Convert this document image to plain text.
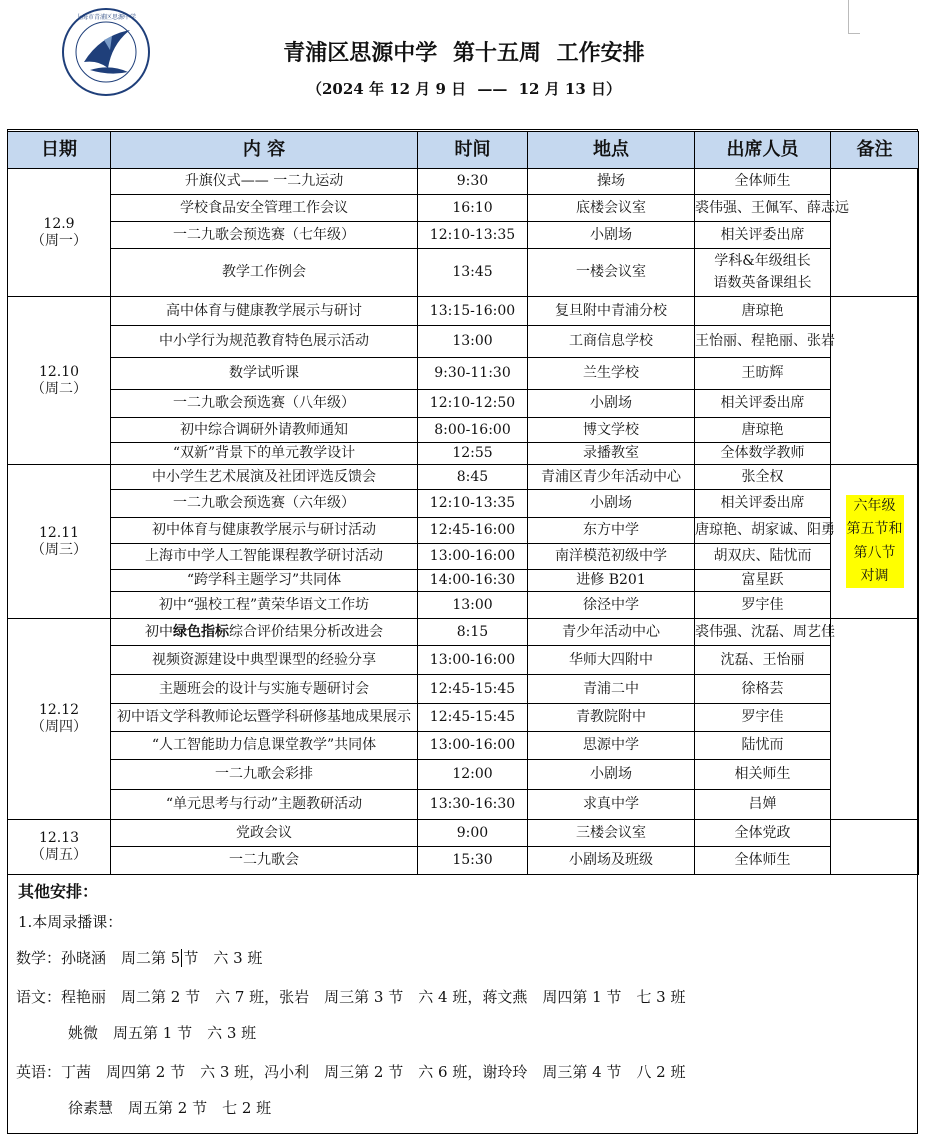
上海市青浦区思源中学
青浦区思源中学 第十五周 工作安排
（2024 年 12 月 9 日 —— 12 月 13 日）
日期	内 容	时间	地点	出席人员	备注
12.9
（周一）	升旗仪式—— 一二九运动	9:30	操场	全体师生	
	学校食品安全管理工作会议	16:10	底楼会议室	裘伟强、王佩军、薛志远	
	一二九歌会预选赛（七年级）	12:10-13:35	小剧场	相关评委出席	
	教学工作例会	13:45	一楼会议室	学科&年级组长
语数英备课组长	
12.10
（周二）	高中体育与健康教学展示与研讨	13:15-16:00	复旦附中青浦分校	唐琼艳	
	中小学行为规范教育特色展示活动	13:00	工商信息学校	王怡丽、程艳丽、张岩	
	数学试听课	9:30-11:30	兰生学校	王昉辉	
	一二九歌会预选赛（八年级）	12:10-12:50	小剧场	相关评委出席	
	初中综合调研外请教师通知	8:00-16:00	博文学校	唐琼艳	
	“双新”背景下的单元教学设计	12:55	录播教室	全体数学教师	
12.11
（周三）	中小学生艺术展演及社团评选反馈会	8:45	青浦区青少年活动中心	张全权	六年级
第五节和
第八节
对调
	一二九歌会预选赛（六年级）	12:10-13:35	小剧场	相关评委出席	
	初中体育与健康教学展示与研讨活动	12:45-16:00	东方中学	唐琼艳、胡家诚、阳勇	
	上海市中学人工智能课程教学研讨活动	13:00-16:00	南洋模范初级中学	胡双庆、陆忧而	
	“跨学科主题学习”共同体	14:00-16:30	进修 B201	富星跃	
	初中“强校工程”黄荣华语文工作坊	13:00	徐泾中学	罗宇佳	
12.12
（周四）	初中绿色指标综合评价结果分析改进会	8:15	青少年活动中心	裘伟强、沈磊、周艺佳	
	视频资源建设中典型课型的经验分享	13:00-16:00	华师大四附中	沈磊、王怡丽	
	主题班会的设计与实施专题研讨会	12:45-15:45	青浦二中	徐格芸	
	初中语文学科教师论坛暨学科研修基地成果展示	12:45-15:45	青教院附中	罗宇佳	
	“人工智能助力信息课堂教学”共同体	13:00-16:00	思源中学	陆忧而	
	一二九歌会彩排	12:00	小剧场	相关师生	
	“单元思考与行动”主题教研活动	13:30-16:30	求真中学	吕婵	
12.13
（周五）	党政会议	9:00	三楼会议室	全体党政	
	一二九歌会	15:30	小剧场及班级	全体师生	
其他安排：
1.本周录播课：
数学：孙晓涵　周二第 5 节　六 3 班
语文：程艳丽　周二第 2 节　六 7 班，张岩　周三第 3 节　六 4 班，蒋文燕　周四第 1 节　七 3 班
姚微　周五第 1 节　六 3 班
英语：丁茜　周四第 2 节　六 3 班，冯小利　周三第 2 节　六 6 班，谢玲玲　周三第 4 节　八 2 班
徐素慧　周五第 2 节　七 2 班
